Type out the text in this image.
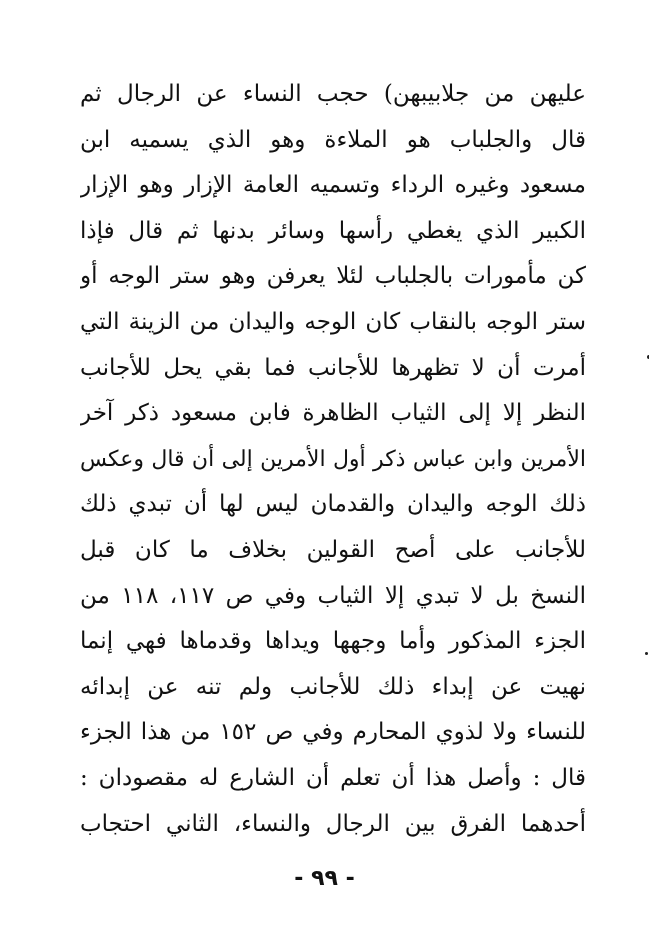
عليهن من جلابيبهن) حجب النساء عن الرجال ثم
قال والجلباب هو الملاءة وهو الذي يسميه ابن
مسعود وغيره الرداء وتسميه العامة الإزار وهو الإزار
الكبير الذي يغطي رأسها وسائر بدنها ثم قال فإذا
كن مأمورات بالجلباب لئلا يعرفن وهو ستر الوجه أو
ستر الوجه بالنقاب كان الوجه واليدان من الزينة التي
أمرت أن لا تظهرها للأجانب فما بقي يحل للأجانب
النظر إلا إلى الثياب الظاهرة فابن مسعود ذكر آخر
الأمرين وابن عباس ذكر أول الأمرين إلى أن قال وعكس
ذلك الوجه واليدان والقدمان ليس لها أن تبدي ذلك
للأجانب على أصح القولين بخلاف ما كان قبل
النسخ بل لا تبدي إلا الثياب وفي ص ١١٧، ١١٨ من
الجزء المذكور وأما وجهها ويداها وقدماها فهي إنما
نهيت عن إبداء ذلك للأجانب ولم تنه عن إبدائه
للنساء ولا لذوي المحارم وفي ص ١٥٢ من هذا الجزء
قال : وأصل هذا أن تعلم أن الشارع له مقصودان :
أحدهما الفرق بين الرجال والنساء، الثاني احتجاب
- ٩٩ -
